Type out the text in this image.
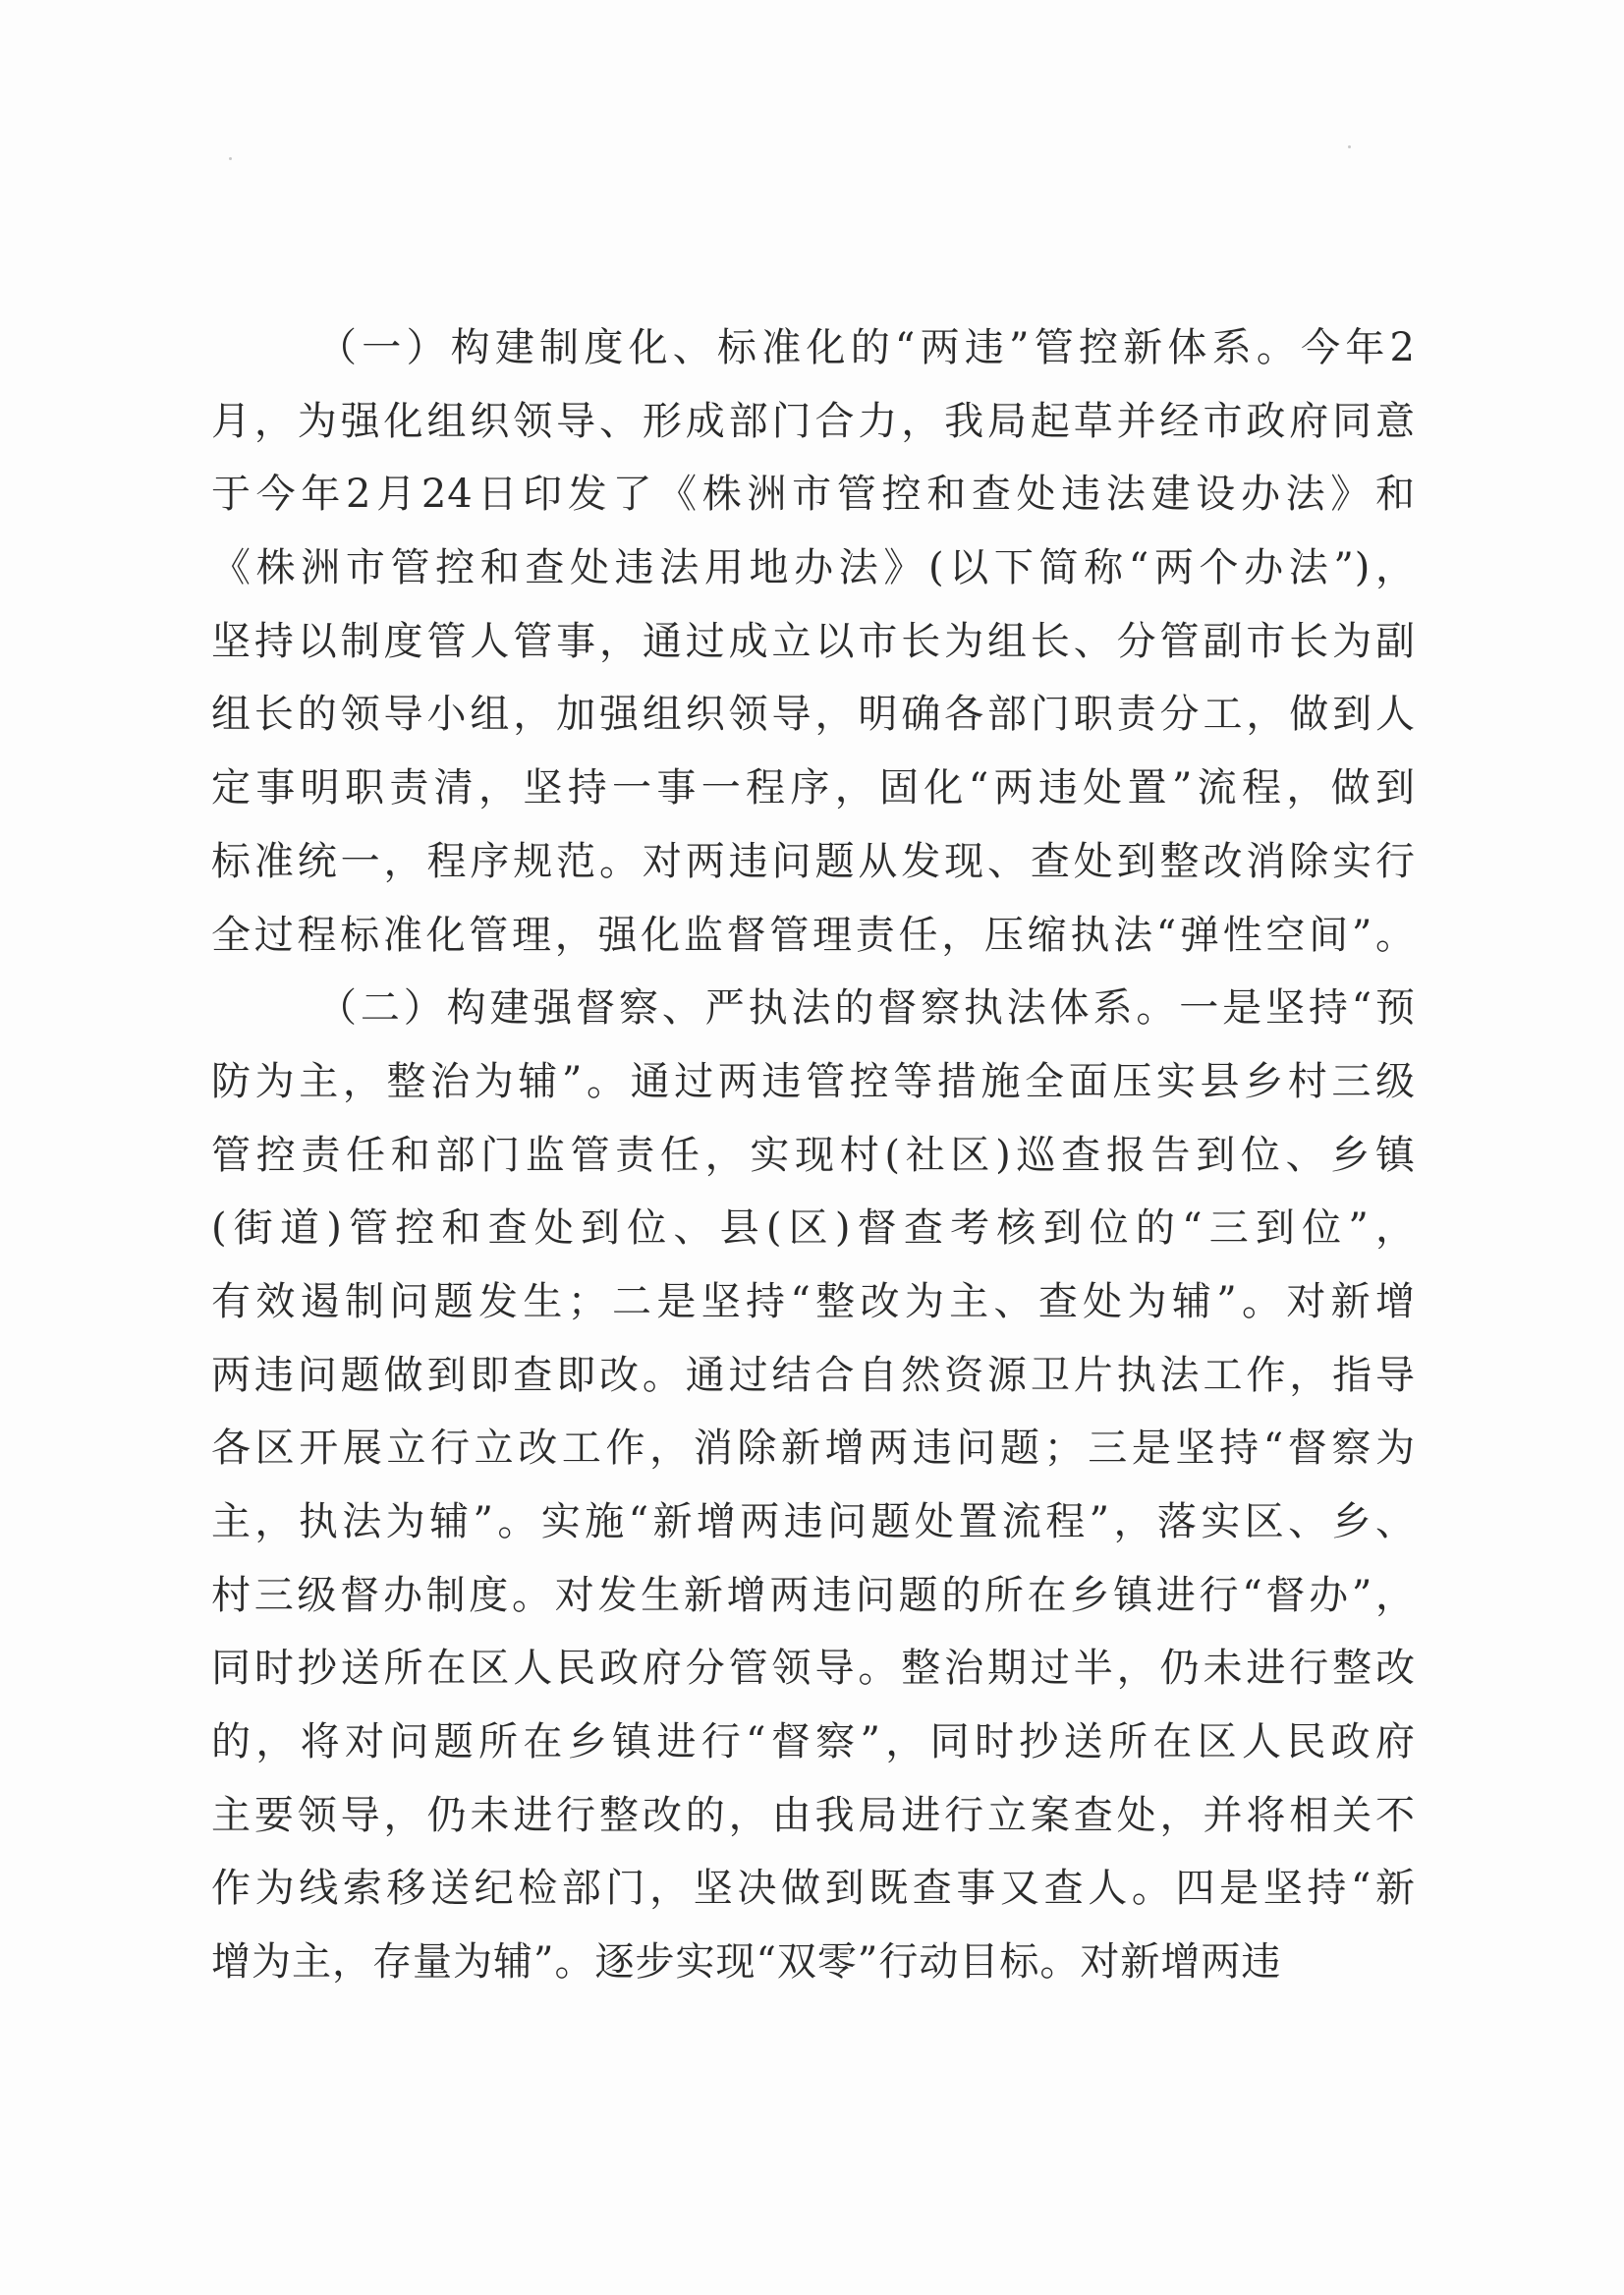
（一）构建制度化、标准化的“两违”管控新体系。今年2
月，为强化组织领导、形成部门合力，我局起草并经市政府同意
于今年2月24日印发了《株洲市管控和查处违法建设办法》和
《株洲市管控和查处违法用地办法》(以下简称“两个办法”)，
坚持以制度管人管事，通过成立以市长为组长、分管副市长为副
组长的领导小组，加强组织领导，明确各部门职责分工，做到人
定事明职责清，坚持一事一程序，固化“两违处置”流程，做到
标准统一，程序规范。对两违问题从发现、查处到整改消除实行
全过程标准化管理，强化监督管理责任，压缩执法“弹性空间”。
（二）构建强督察、严执法的督察执法体系。一是坚持“预
防为主，整治为辅”。通过两违管控等措施全面压实县乡村三级
管控责任和部门监管责任，实现村(社区)巡查报告到位、乡镇
(街道)管控和查处到位、县(区)督查考核到位的“三到位”，
有效遏制问题发生；二是坚持“整改为主、查处为辅”。对新增
两违问题做到即查即改。通过结合自然资源卫片执法工作，指导
各区开展立行立改工作，消除新增两违问题；三是坚持“督察为
主，执法为辅”。实施“新增两违问题处置流程”，落实区、乡、
村三级督办制度。对发生新增两违问题的所在乡镇进行“督办”，
同时抄送所在区人民政府分管领导。整治期过半，仍未进行整改
的，将对问题所在乡镇进行“督察”，同时抄送所在区人民政府
主要领导，仍未进行整改的，由我局进行立案查处，并将相关不
作为线索移送纪检部门，坚决做到既查事又查人。四是坚持“新
增为主，存量为辅”。逐步实现“双零”行动目标。对新增两违
